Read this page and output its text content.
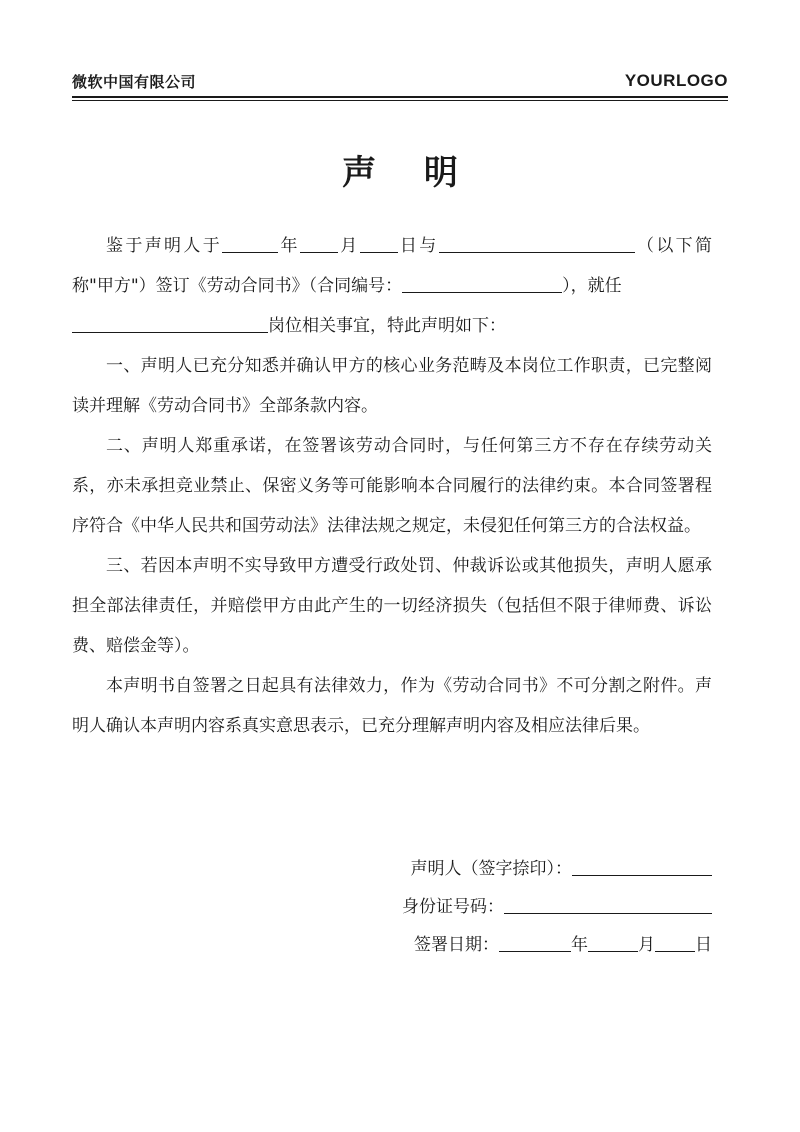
微软中国有限公司	YOURLOGO
声 明

鉴于声明人于	年 月 日与	（以下简称"甲方"）签订《劳动合同书》（合同编号：	），就任
岗位相关事宜，特此声明如下：

一、声明人已充分知悉并确认甲方的核心业务范畴及本岗位工作职责，已完整阅读并理解《劳动合同书》全部条款内容。

二、声明人郑重承诺，在签署该劳动合同时，与任何第三方不存在存续劳动关系，亦未承担竞业禁止、保密义务等可能影响本合同履行的法律约束。本合同签署程序符合《中华人民共和国劳动法》法律法规之规定，未侵犯任何第三方的合法权益。

三、若因本声明不实导致甲方遭受行政处罚、仲裁诉讼或其他损失，声明人愿承担全部法律责任，并赔偿甲方由此产生的一切经济损失（包括但不限于律师费、诉讼费、赔偿金等）。

本声明书自签署之日起具有法律效力，作为《劳动合同书》不可分割之附件。声明人确认本声明内容系真实意思表示，已充分理解声明内容及相应法律后果。

声明人（签字捺印）：
身份证号码：
签署日期：	年	月 日
